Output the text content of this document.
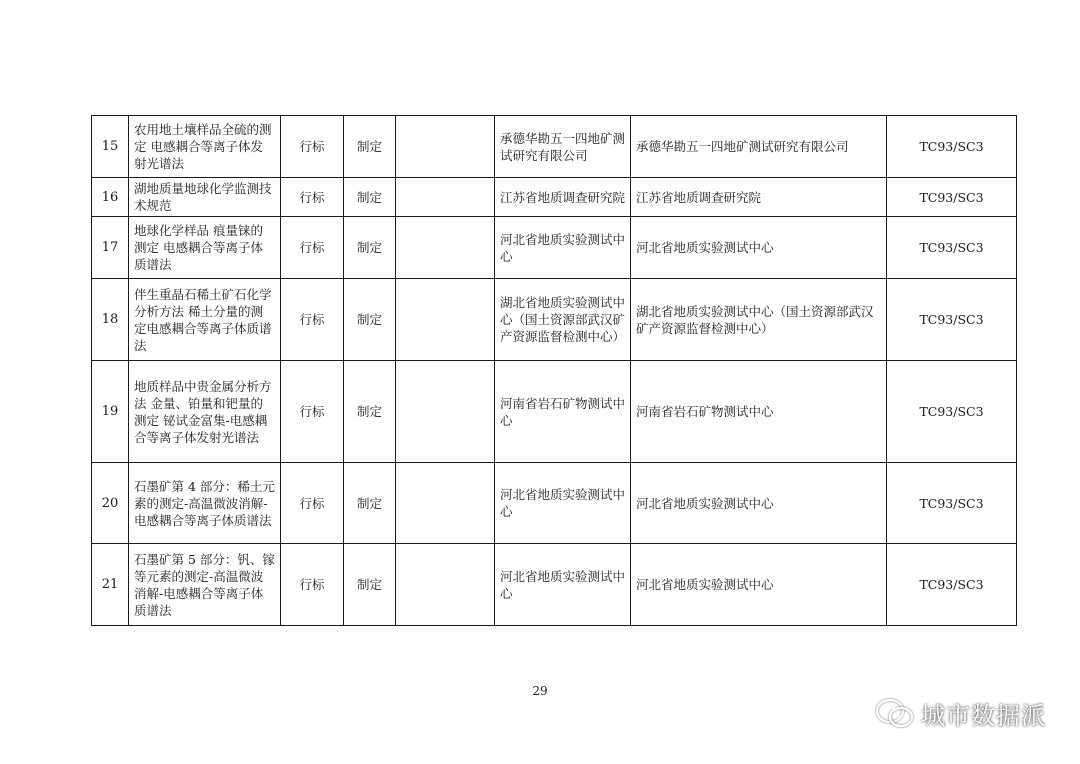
15	农用地土壤样品全硫的测定 电感耦合等离子体发射光谱法	行标	制定		承德华勘五一四地矿测试研究有限公司	承德华勘五一四地矿测试研究有限公司	TC93/SC3
16	湖地质量地球化学监测技术规范	行标	制定		江苏省地质调查研究院	江苏省地质调查研究院	TC93/SC3
17	地球化学样品 痕量铼的测定 电感耦合等离子体质谱法	行标	制定		河北省地质实验测试中心	河北省地质实验测试中心	TC93/SC3
18	伴生重晶石稀土矿石化学分析方法 稀土分量的测定电感耦合等离子体质谱法	行标	制定		湖北省地质实验测试中心（国土资源部武汉矿产资源监督检测中心）	湖北省地质实验测试中心（国土资源部武汉矿产资源监督检测中心）	TC93/SC3
19	地质样品中贵金属分析方法 金量、铂量和钯量的测定 铋试金富集-电感耦合等离子体发射光谱法	行标	制定		河南省岩石矿物测试中心	河南省岩石矿物测试中心	TC93/SC3
20	石墨矿第 4 部分：稀土元素的测定-高温微波消解-电感耦合等离子体质谱法	行标	制定		河北省地质实验测试中心	河北省地质实验测试中心	TC93/SC3
21	石墨矿第 5 部分：钒、镓等元素的测定-高温微波消解-电感耦合等离子体质谱法	行标	制定		河北省地质实验测试中心	河北省地质实验测试中心	TC93/SC3
29
城市数据派
